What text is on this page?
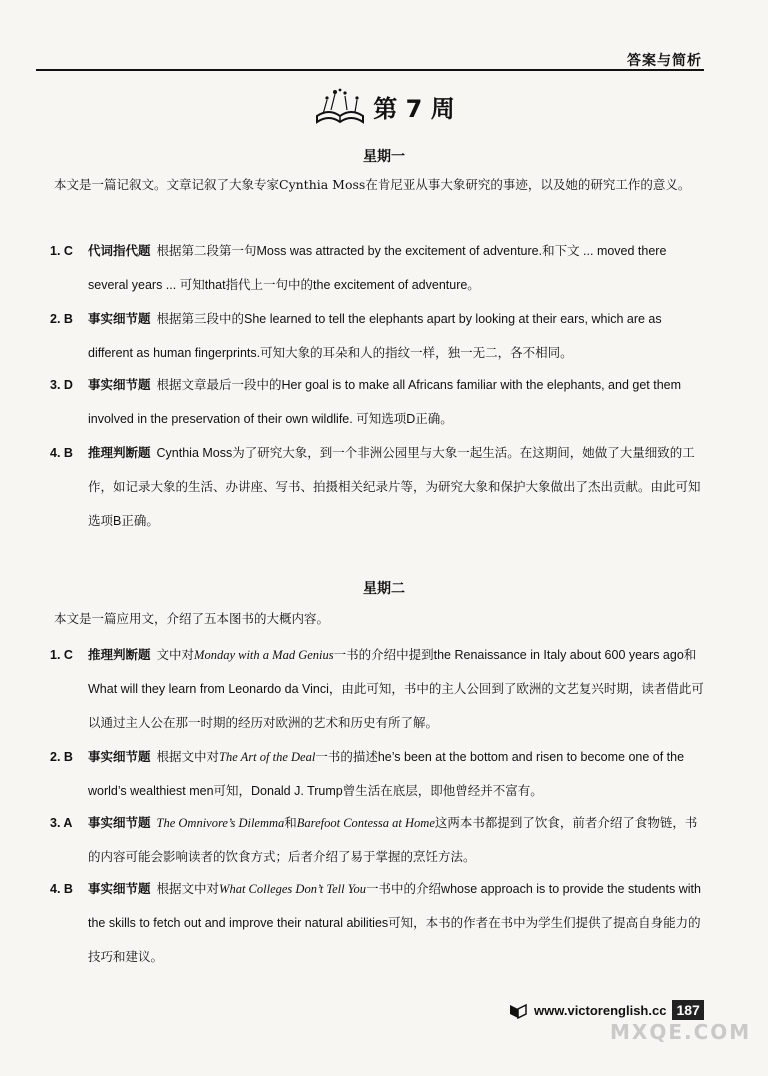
答案与简析
第 7 周
星期一
本文是一篇记叙文。文章记叙了大象专家Cynthia Moss在肯尼亚从事大象研究的事迹，以及她的研究工作的意义。
1. C	代词指代题 根据第二段第一句Moss was attracted by the excitement of adventure.和下文 ... moved there several years ... 可知that指代上一句中的the excitement of adventure。
2. B	事实细节题 根据第三段中的She learned to tell the elephants apart by looking at their ears, which are as different as human fingerprints.可知大象的耳朵和人的指纹一样，独一无二，各不相同。
3. D	事实细节题 根据文章最后一段中的Her goal is to make all Africans familiar with the elephants, and get them involved in the preservation of their own wildlife. 可知选项D正确。
4. B	推理判断题 Cynthia Moss为了研究大象，到一个非洲公园里与大象一起生活。在这期间，她做了大量细致的工作，如记录大象的生活、办讲座、写书、拍摄相关纪录片等，为研究大象和保护大象做出了杰出贡献。由此可知选项B正确。
星期二
本文是一篇应用文，介绍了五本图书的大概内容。
1. C	推理判断题 文中对Monday with a Mad Genius一书的介绍中提到the Renaissance in Italy about 600 years ago和What will they learn from Leonardo da Vinci，由此可知，书中的主人公回到了欧洲的文艺复兴时期，读者借此可以通过主人公在那一时期的经历对欧洲的艺术和历史有所了解。
2. B	事实细节题 根据文中对The Art of the Deal一书的描述he’s been at the bottom and risen to become one of the world’s wealthiest men可知，Donald J. Trump曾生活在底层，即他曾经并不富有。
3. A	事实细节题 The Omnivore’s Dilemma和Barefoot Contessa at Home这两本书都提到了饮食，前者介绍了食物链，书的内容可能会影响读者的饮食方式；后者介绍了易于掌握的烹饪方法。
4. B	事实细节题 根据文中对What Colleges Don’t Tell You一书中的介绍whose approach is to provide the students with the skills to fetch out and improve their natural abilities可知，本书的作者在书中为学生们提供了提高自身能力的技巧和建议。
www.victorenglish.cc 187
MXQE.COM
